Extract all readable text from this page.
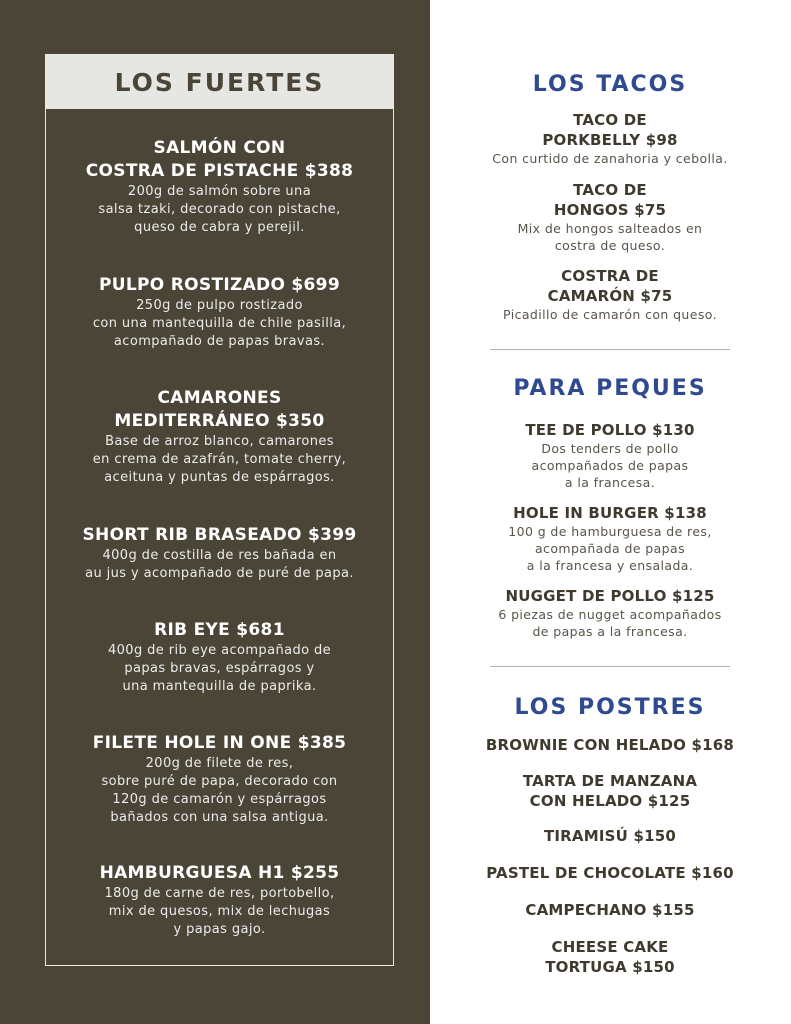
LOS FUERTES
SALMÓN CON
COSTRA DE PISTACHE $388
200g de salmón sobre una
salsa tzaki, decorado con pistache,
queso de cabra y perejil.
PULPO ROSTIZADO $699
250g de pulpo rostizado
con una mantequilla de chile pasilla,
acompañado de papas bravas.
CAMARONES
MEDITERRÁNEO $350
Base de arroz blanco, camarones
en crema de azafrán, tomate cherry,
aceituna y puntas de espárragos.
SHORT RIB BRASEADO $399
400g de costilla de res bañada en
au jus y acompañado de puré de papa.
RIB EYE $681
400g de rib eye acompañado de
papas bravas, espárragos y
una mantequilla de paprika.
FILETE HOLE IN ONE $385
200g de filete de res,
sobre puré de papa, decorado con
120g de camarón y espárragos
bañados con una salsa antigua.
HAMBURGUESA H1 $255
180g de carne de res, portobello,
mix de quesos, mix de lechugas
y papas gajo.
LOS TACOS
TACO DE
PORKBELLY $98
Con curtido de zanahoria y cebolla.
TACO DE
HONGOS $75
Mix de hongos salteados en
costra de queso.
COSTRA DE
CAMARÓN $75
Picadillo de camarón con queso.
PARA PEQUES
TEE DE POLLO $130
Dos tenders de pollo
acompañados de papas
a la francesa.
HOLE IN BURGER $138
100 g de hamburguesa de res,
acompañada de papas
a la francesa y ensalada.
NUGGET DE POLLO $125
6 piezas de nugget acompañados
de papas a la francesa.
LOS POSTRES
BROWNIE CON HELADO $168
TARTA DE MANZANA
CON HELADO $125
TIRAMISÚ $150
PASTEL DE CHOCOLATE $160
CAMPECHANO $155
CHEESE CAKE
TORTUGA $150
